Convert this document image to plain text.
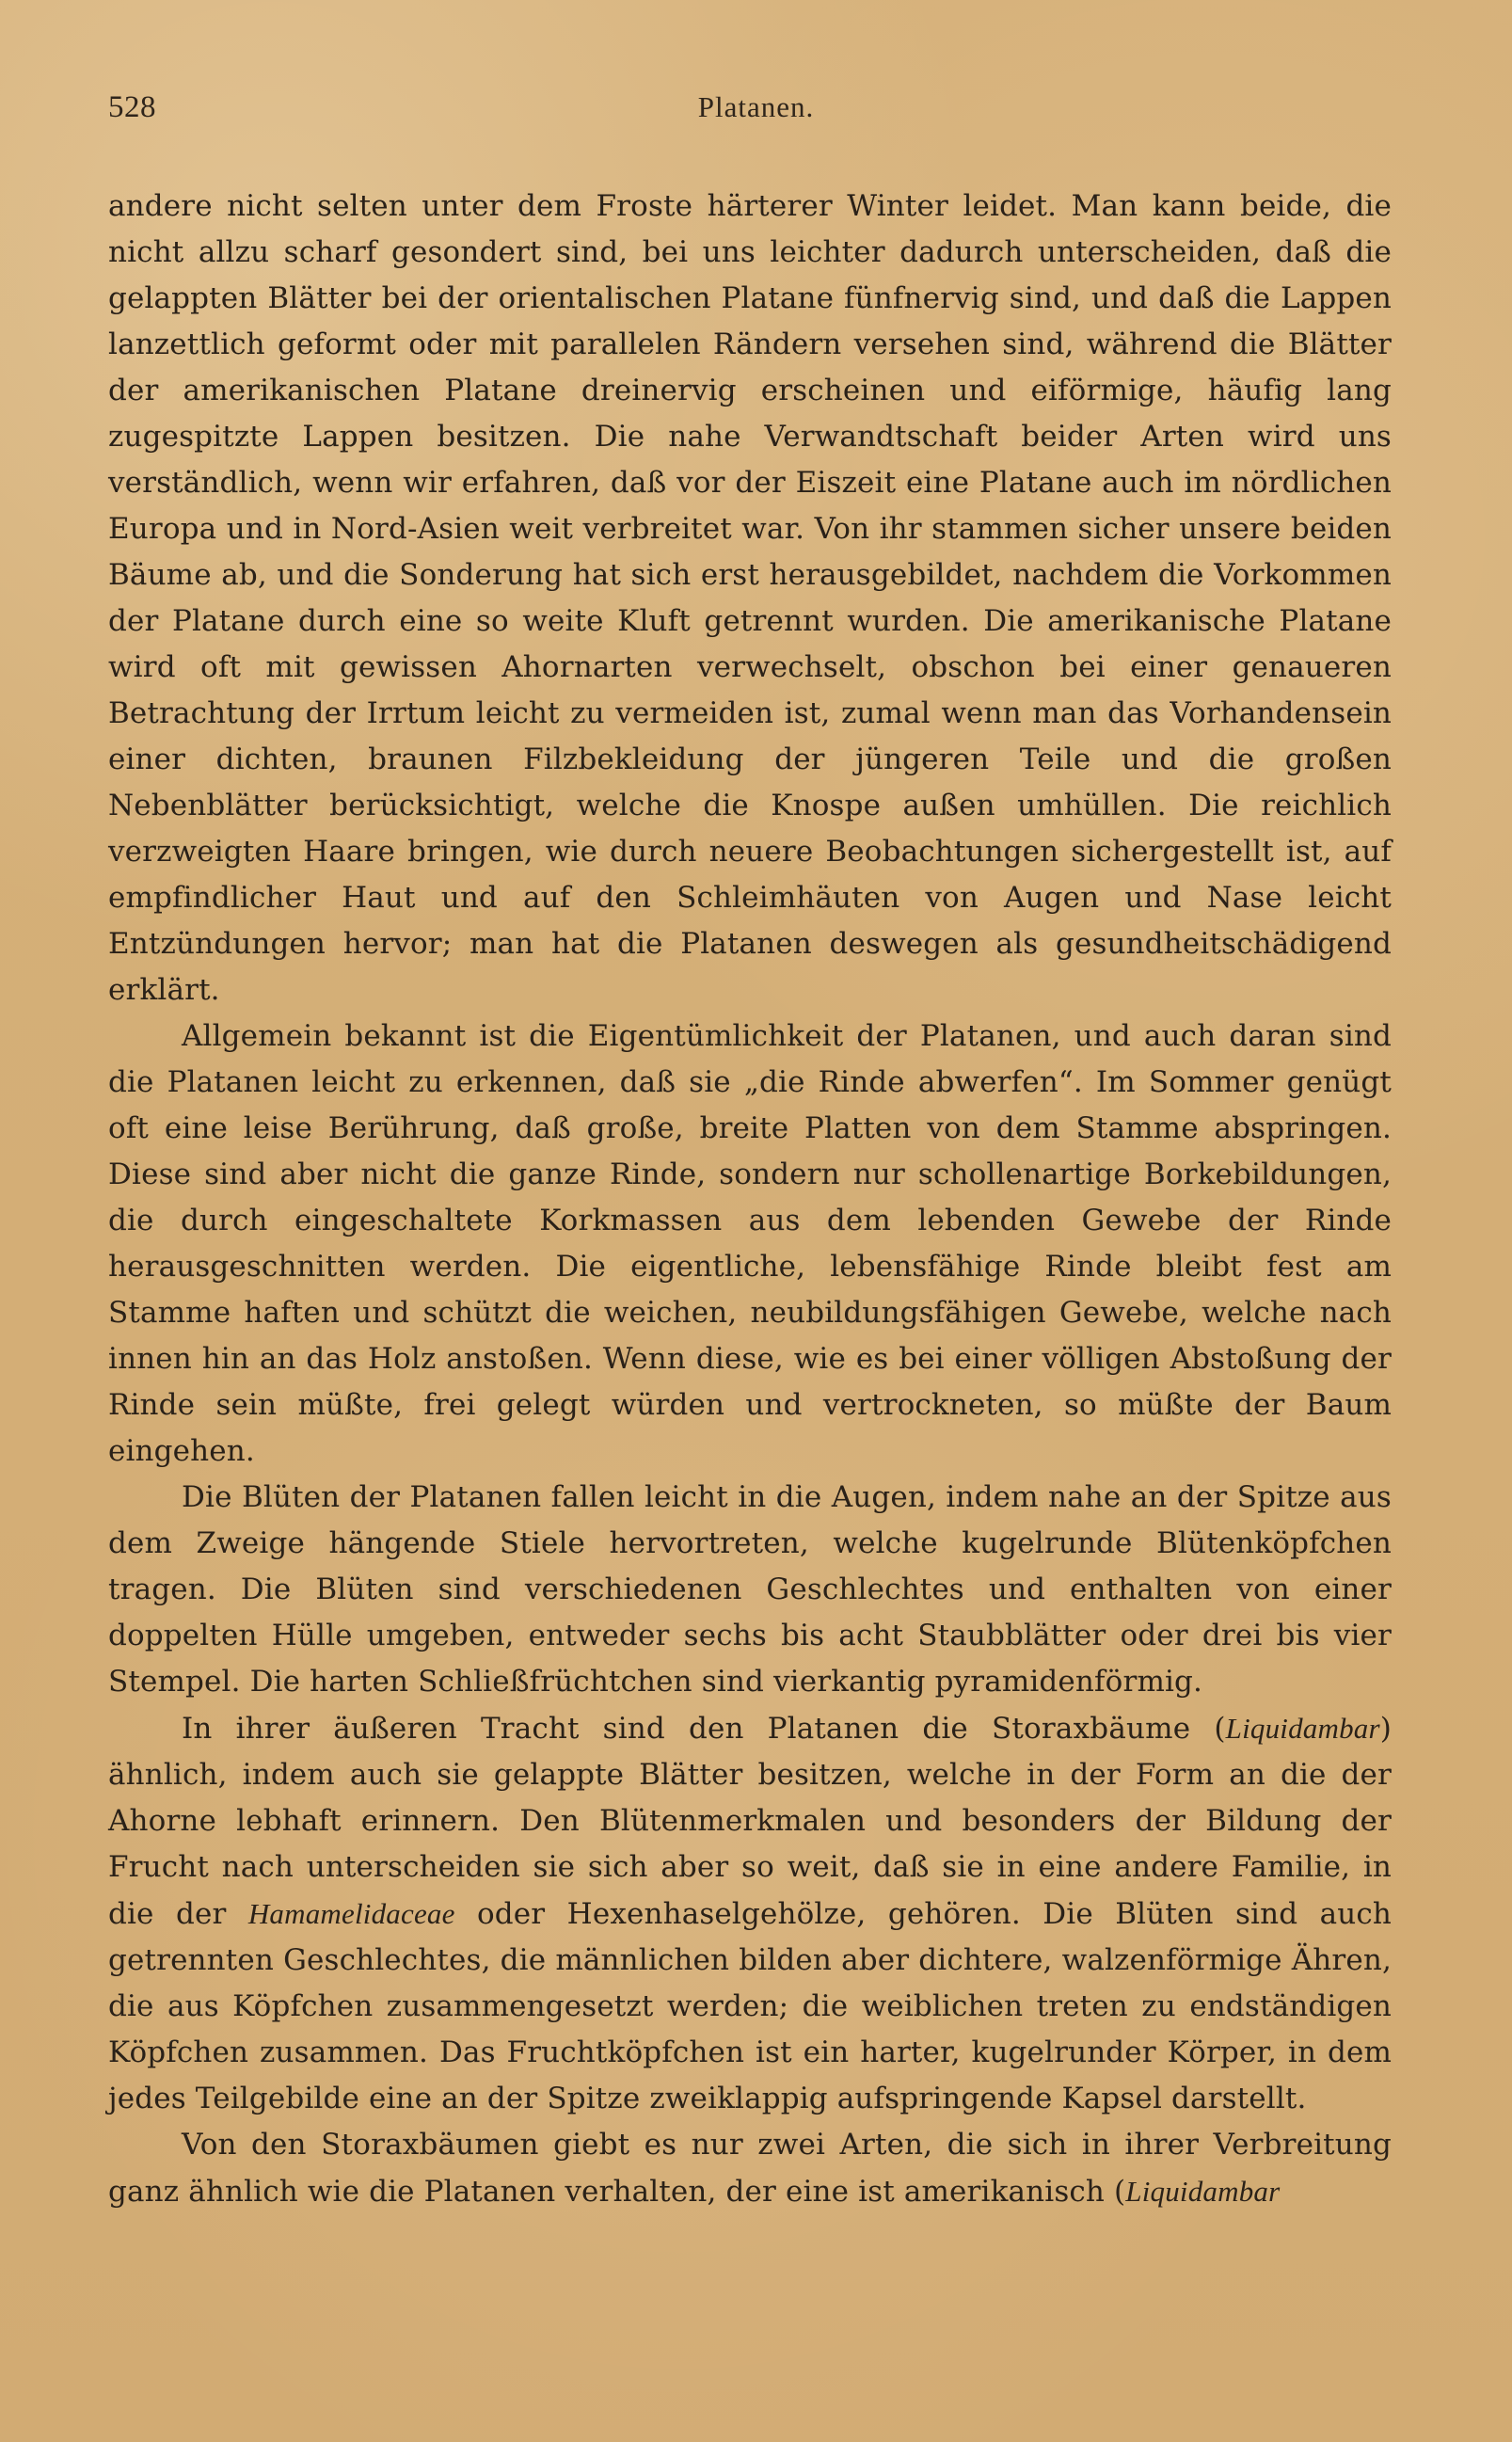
528	Platanen.

andere nicht selten unter dem Froste härterer Winter leidet. Man kann beide, die nicht allzu scharf gesondert sind, bei uns leichter dadurch unterscheiden, daß die gelappten Blätter bei der orientalischen Platane fünfnervig sind, und daß die Lappen lanzettlich geformt oder mit parallelen Rändern versehen sind, während die Blätter der amerikanischen Platane dreinervig erscheinen und eiförmige, häufig lang zugespitzte Lappen besitzen. Die nahe Verwandtschaft beider Arten wird uns verständlich, wenn wir erfahren, daß vor der Eiszeit eine Platane auch im nördlichen Europa und in Nord-Asien weit verbreitet war. Von ihr stammen sicher unsere beiden Bäume ab, und die Sonderung hat sich erst herausgebildet, nachdem die Vorkommen der Platane durch eine so weite Kluft getrennt wurden. Die amerikanische Platane wird oft mit gewissen Ahornarten verwechselt, obschon bei einer genaueren Betrachtung der Irrtum leicht zu vermeiden ist, zumal wenn man das Vorhandensein einer dichten, braunen Filzbekleidung der jüngeren Teile und die großen Nebenblätter berücksichtigt, welche die Knospe außen umhüllen. Die reichlich verzweigten Haare bringen, wie durch neuere Beobachtungen sichergestellt ist, auf empfindlicher Haut und auf den Schleimhäuten von Augen und Nase leicht Entzündungen hervor; man hat die Platanen deswegen als gesundheitschädigend erklärt.

Allgemein bekannt ist die Eigentümlichkeit der Platanen, und auch daran sind die Platanen leicht zu erkennen, daß sie „die Rinde abwerfen“. Im Sommer genügt oft eine leise Berührung, daß große, breite Platten von dem Stamme abspringen. Diese sind aber nicht die ganze Rinde, sondern nur schollenartige Borkebildungen, die durch eingeschaltete Korkmassen aus dem lebenden Gewebe der Rinde herausgeschnitten werden. Die eigentliche, lebensfähige Rinde bleibt fest am Stamme haften und schützt die weichen, neubildungsfähigen Gewebe, welche nach innen hin an das Holz anstoßen. Wenn diese, wie es bei einer völligen Abstoßung der Rinde sein müßte, frei gelegt würden und vertrockneten, so müßte der Baum eingehen.

Die Blüten der Platanen fallen leicht in die Augen, indem nahe an der Spitze aus dem Zweige hängende Stiele hervortreten, welche kugelrunde Blütenköpfchen tragen. Die Blüten sind verschiedenen Geschlechtes und enthalten von einer doppelten Hülle umgeben, entweder sechs bis acht Staubblätter oder drei bis vier Stempel. Die harten Schließfrüchtchen sind vierkantig pyramidenförmig.

In ihrer äußeren Tracht sind den Platanen die Storaxbäume (Liquidambar) ähnlich, indem auch sie gelappte Blätter besitzen, welche in der Form an die der Ahorne lebhaft erinnern. Den Blütenmerkmalen und besonders der Bildung der Frucht nach unterscheiden sie sich aber so weit, daß sie in eine andere Familie, in die der Hamamelidaceae oder Hexenhaselgehölze, gehören. Die Blüten sind auch getrennten Geschlechtes, die männlichen bilden aber dichtere, walzenförmige Ähren, die aus Köpfchen zusammengesetzt werden; die weiblichen treten zu endständigen Köpfchen zusammen. Das Fruchtköpfchen ist ein harter, kugelrunder Körper, in dem jedes Teilgebilde eine an der Spitze zweiklappig aufspringende Kapsel darstellt.

Von den Storaxbäumen giebt es nur zwei Arten, die sich in ihrer Verbreitung ganz ähnlich wie die Platanen verhalten, der eine ist amerikanisch (Liquidambar
